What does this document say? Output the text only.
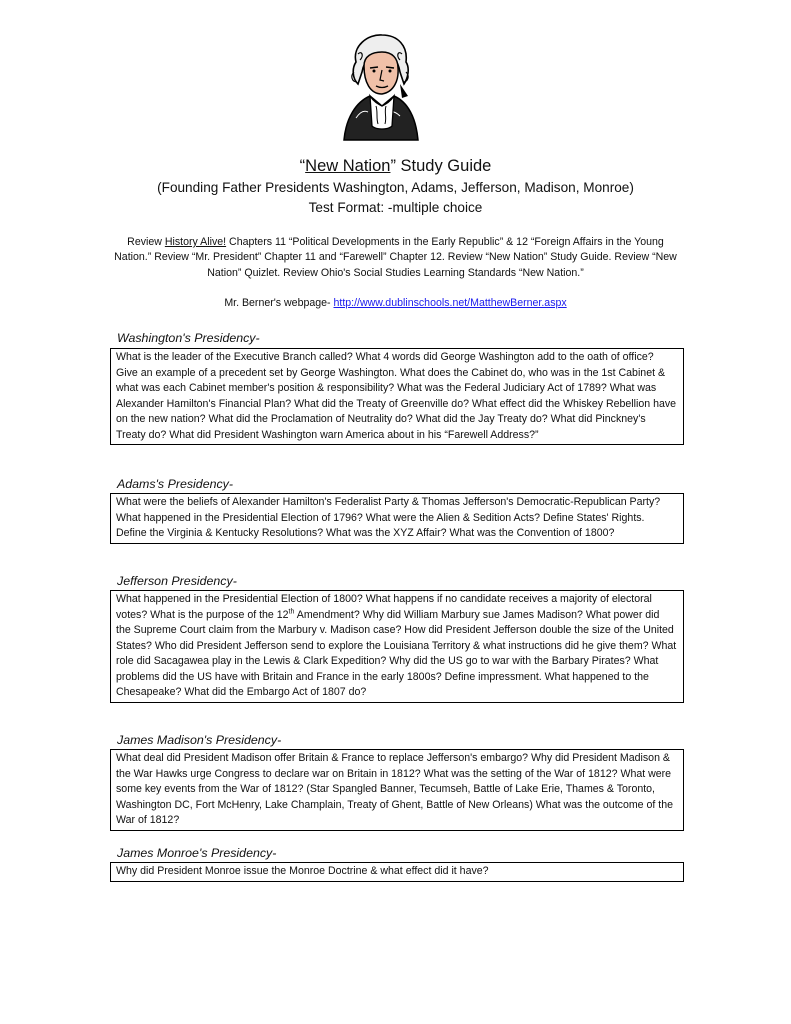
“New Nation” Study Guide
(Founding Father Presidents Washington, Adams, Jefferson, Madison, Monroe)
Test Format: -multiple choice
Review History Alive! Chapters 11 “Political Developments in the Early Republic” & 12 “Foreign Affairs in the Young Nation.” Review “Mr. President” Chapter 11 and “Farewell” Chapter 12. Review “New Nation” Study Guide. Review “New Nation” Quizlet. Review Ohio's Social Studies Learning Standards “New Nation.”
Mr. Berner's webpage- http://www.dublinschools.net/MatthewBerner.aspx
Washington's Presidency-
What is the leader of the Executive Branch called? What 4 words did George Washington add to the oath of office? Give an example of a precedent set by George Washington. What does the Cabinet do, who was in the 1st Cabinet & what was each Cabinet member's position & responsibility? What was the Federal Judiciary Act of 1789? What was Alexander Hamilton's Financial Plan? What did the Treaty of Greenville do? What effect did the Whiskey Rebellion have on the new nation? What did the Proclamation of Neutrality do? What did the Jay Treaty do? What did Pinckney's Treaty do? What did President Washington warn America about in his “Farewell Address?”
Adams's Presidency-
What were the beliefs of Alexander Hamilton's Federalist Party & Thomas Jefferson's Democratic-Republican Party? What happened in the Presidential Election of 1796? What were the Alien & Sedition Acts? Define States' Rights. Define the Virginia & Kentucky Resolutions? What was the XYZ Affair? What was the Convention of 1800?
Jefferson Presidency-
What happened in the Presidential Election of 1800? What happens if no candidate receives a majority of electoral votes? What is the purpose of the 12th Amendment? Why did William Marbury sue James Madison? What power did the Supreme Court claim from the Marbury v. Madison case? How did President Jefferson double the size of the United States? Who did President Jefferson send to explore the Louisiana Territory & what instructions did he give them? What role did Sacagawea play in the Lewis & Clark Expedition? Why did the US go to war with the Barbary Pirates? What problems did the US have with Britain and France in the early 1800s? Define impressment. What happened to the Chesapeake? What did the Embargo Act of 1807 do?
James Madison's Presidency-
What deal did President Madison offer Britain & France to replace Jefferson's embargo? Why did President Madison & the War Hawks urge Congress to declare war on Britain in 1812? What was the setting of the War of 1812? What were some key events from the War of 1812? (Star Spangled Banner, Tecumseh, Battle of Lake Erie, Thames & Toronto, Washington DC, Fort McHenry, Lake Champlain, Treaty of Ghent, Battle of New Orleans) What was the outcome of the War of 1812?
James Monroe's Presidency-
Why did President Monroe issue the Monroe Doctrine & what effect did it have?
